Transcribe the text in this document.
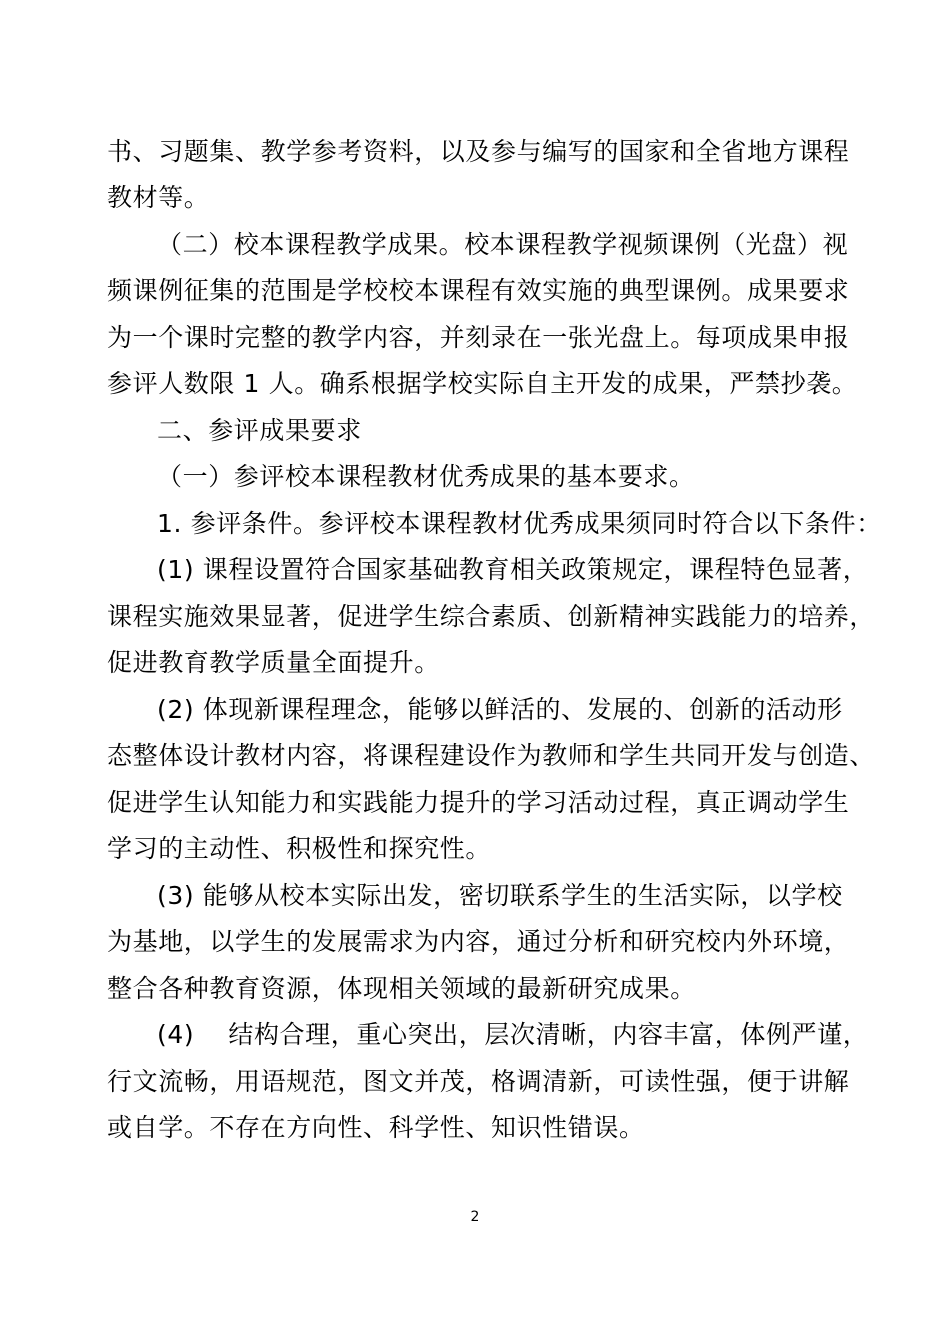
书、习题集、教学参考资料，以及参与编写的国家和全省地方课程

教材等。

（二）校本课程教学成果。校本课程教学视频课例（光盘）视

频课例征集的范围是学校校本课程有效实施的典型课例。成果要求

为一个课时完整的教学内容，并刻录在一张光盘上。每项成果申报

参评人数限 1 人。确系根据学校实际自主开发的成果，严禁抄袭。

二、参评成果要求

（一）参评校本课程教材优秀成果的基本要求。

1. 参评条件。参评校本课程教材优秀成果须同时符合以下条件：

(1) 课程设置符合国家基础教育相关政策规定，课程特色显著，

课程实施效果显著，促进学生综合素质、创新精神实践能力的培养，

促进教育教学质量全面提升。

(2) 体现新课程理念，能够以鲜活的、发展的、创新的活动形

态整体设计教材内容，将课程建设作为教师和学生共同开发与创造、

促进学生认知能力和实践能力提升的学习活动过程，真正调动学生

学习的主动性、积极性和探究性。

(3) 能够从校本实际出发，密切联系学生的生活实际，以学校

为基地，以学生的发展需求为内容，通过分析和研究校内外环境，

整合各种教育资源，体现相关领域的最新研究成果。

(4)　 结构合理，重心突出，层次清晰，内容丰富，体例严谨，

行文流畅，用语规范，图文并茂，格调清新，可读性强，便于讲解

或自学。不存在方向性、科学性、知识性错误。

2
